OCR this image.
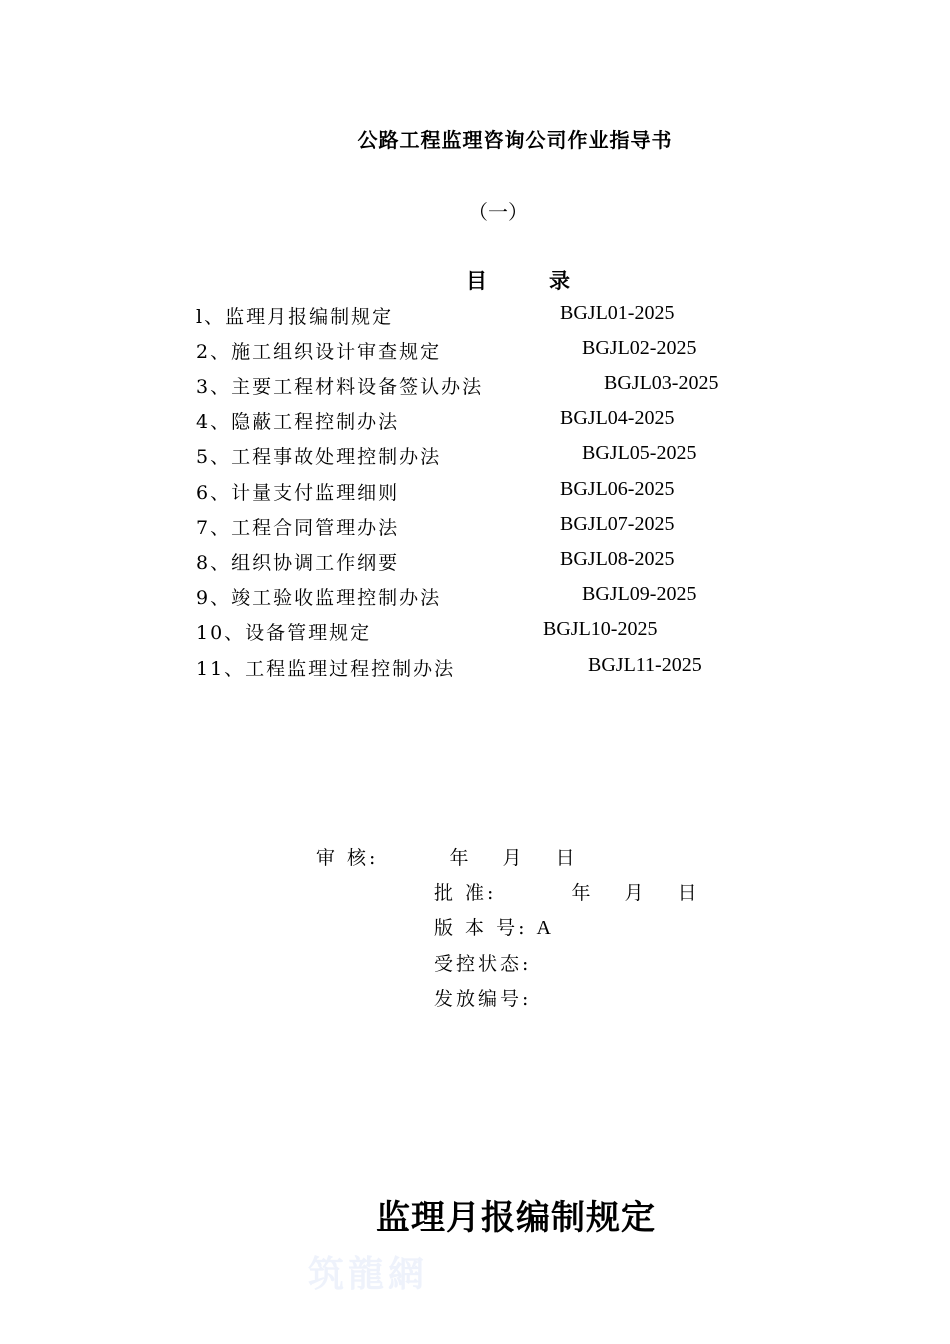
公路工程监理咨询公司作业指导书
（一）
目	录
l、监理月报编制规定	BGJL01-2025
2、施工组织设计审查规定	BGJL02-2025
3、主要工程材料设备签认办法	BGJL03-2025
4、隐蔽工程控制办法	BGJL04-2025
5、工程事故处理控制办法	BGJL05-2025
6、计量支付监理细则	BGJL06-2025
7、工程合同管理办法	BGJL07-2025
8、组织协调工作纲要	BGJL08-2025
9、竣工验收监理控制办法	BGJL09-2025
10、设备管理规定	BGJL10-2025
11、工程监理过程控制办法	BGJL11-2025
审 核:	年 月 日
批 准:	年 月 日
版 本 号: A
受控状态:
发放编号:
监理月报编制规定
筑龍網
